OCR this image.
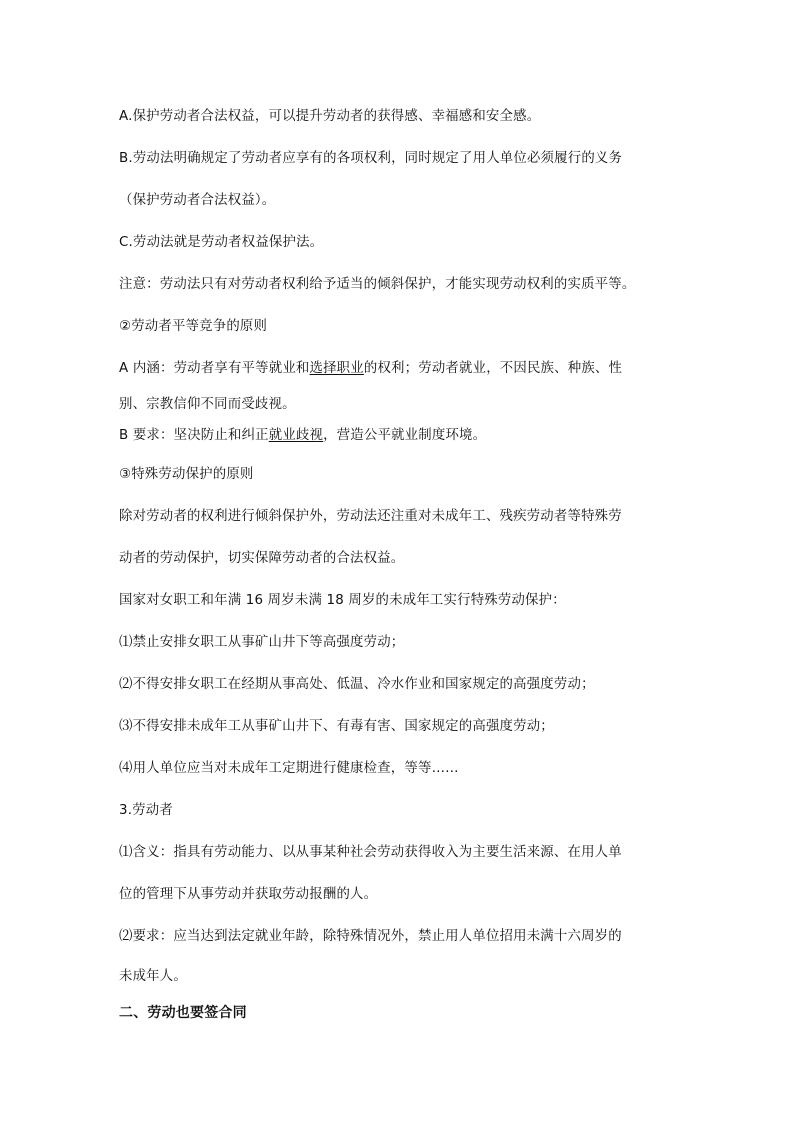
A.保护劳动者合法权益，可以提升劳动者的获得感、幸福感和安全感。
B.劳动法明确规定了劳动者应享有的各项权利，同时规定了用人单位必须履行的义务
（保护劳动者合法权益）。
C.劳动法就是劳动者权益保护法。
注意：劳动法只有对劳动者权利给予适当的倾斜保护，才能实现劳动权利的实质平等。
②劳动者平等竞争的原则
A 内涵：劳动者享有平等就业和选择职业的权利；劳动者就业，不因民族、种族、性
别、宗教信仰不同而受歧视。
B 要求：坚决防止和纠正就业歧视，营造公平就业制度环境。
③特殊劳动保护的原则
除对劳动者的权利进行倾斜保护外，劳动法还注重对未成年工、残疾劳动者等特殊劳
动者的劳动保护，切实保障劳动者的合法权益。
国家对女职工和年满 16 周岁未满 18 周岁的未成年工实行特殊劳动保护：
⑴禁止安排女职工从事矿山井下等高强度劳动；
⑵不得安排女职工在经期从事高处、低温、冷水作业和国家规定的高强度劳动；
⑶不得安排未成年工从事矿山井下、有毒有害、国家规定的高强度劳动；
⑷用人单位应当对未成年工定期进行健康检查，等等……
3.劳动者
⑴含义：指具有劳动能力、以从事某种社会劳动获得收入为主要生活来源、在用人单
位的管理下从事劳动并获取劳动报酬的人。
⑵要求：应当达到法定就业年龄，除特殊情况外，禁止用人单位招用未满十六周岁的
未成年人。
二、劳动也要签合同
